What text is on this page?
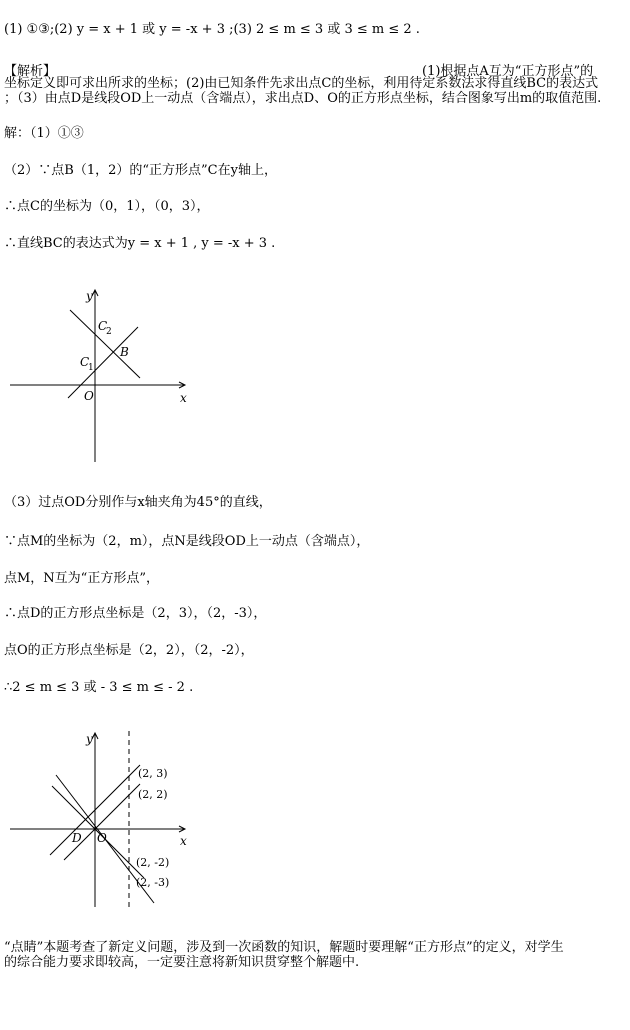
(1) ①③;(2) y = x + 1 或 y = -x + 3 ;(3) 2 ≤ m ≤ 3 或 3 ≤ m ≤ 2 .
【解析】	(1)根据点A互为“正方形点”的
坐标定义即可求出所求的坐标；(2)由已知条件先求出点C的坐标，利用待定系数法求得直线BC的表达式
；（3）由点D是线段OD上一动点（含端点），求出点D、O的正方形点坐标，结合图象写出m的取值范围.
解：（1）①③
（2）∵点B（1，2）的“正方形点”C在y轴上，
∴点C的坐标为（0，1），（0，3），
∴直线BC的表达式为y = x + 1 , y = -x + 3 .
y
x
C
2
C
1
B
O
（3）过点OD分别作与x轴夹角为45°的直线，
∵点M的坐标为（2，m），点N是线段OD上一动点（含端点），
点M，N互为“正方形点”，
∴点D的正方形点坐标是（2，3），（2，-3），
点O的正方形点坐标是（2，2），（2，-2），
∴2 ≤ m ≤ 3 或 - 3 ≤ m ≤ - 2 .
y
x
D O
(2, 3)
(2, 2)
(2, -2)
(2, -3)
“点睛”本题考查了新定义问题，涉及到一次函数的知识，解题时要理解“正方形点”的定义，对学生
的综合能力要求即较高，一定要注意将新知识贯穿整个解题中.
